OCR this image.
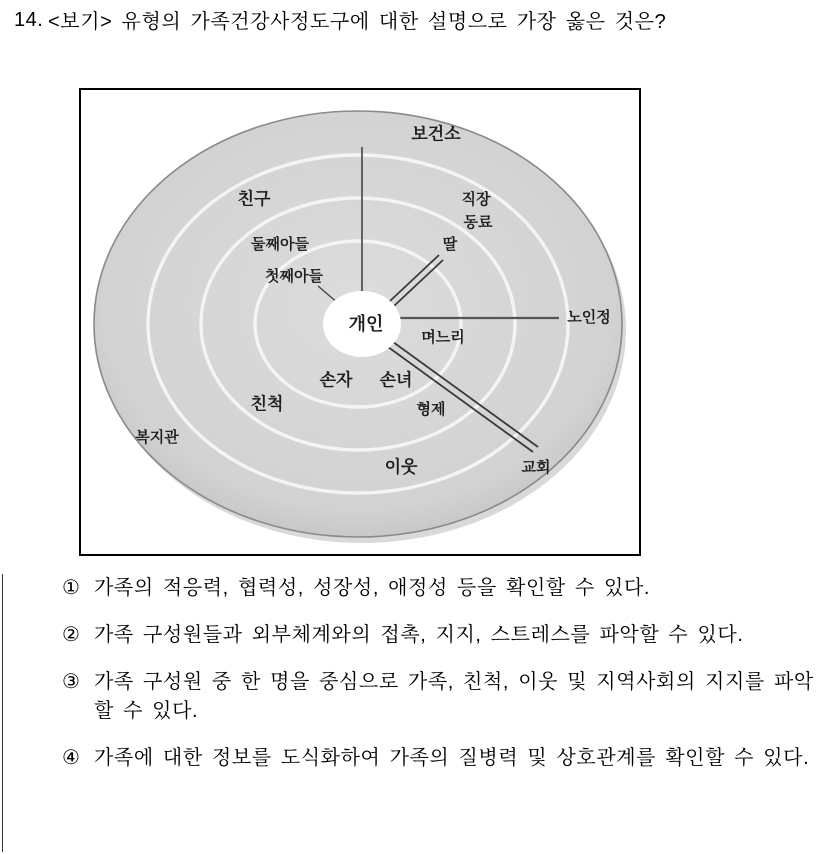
14. <보기> 유형의 가족건강사정도구에 대한 설명으로 가장 옳은 것은?
보건소
친구	직장
동료
둘째아들
첫째아들
딸
개인
며느리
노인정
손자 손녀
친척	형제
복지관
이웃	교회
① 가족의 적응력, 협력성, 성장성, 애정성 등을 확인할 수 있다.
② 가족 구성원들과 외부체계와의 접촉, 지지, 스트레스를 파악할 수 있다.
③ 가족 구성원 중 한 명을 중심으로 가족, 친척, 이웃 및 지역사회의 지지를 파악할 수 있다.
④ 가족에 대한 정보를 도식화하여 가족의 질병력 및 상호관계를 확인할 수 있다.
